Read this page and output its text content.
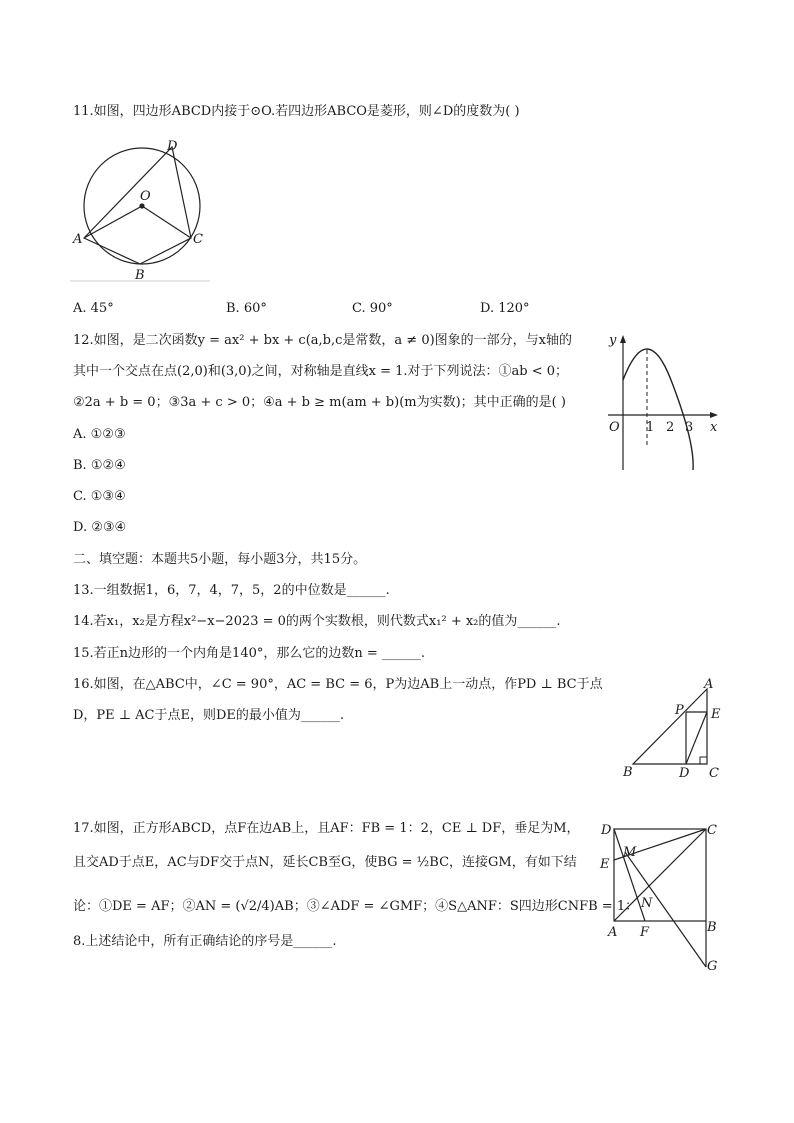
11.如图，四边形ABCD内接于⊙O.若四边形ABCO是菱形，则∠D的度数为( )
D
O
A	C
B
A. 45°	B. 60°	C. 90°	D. 120°
12.如图，是二次函数y = ax² + bx + c(a,b,c是常数，a ≠ 0)图象的一部分，与x轴的
其中一个交点在点(2,0)和(3,0)之间，对称轴是直线x = 1.对于下列说法：①ab < 0；
②2a + b = 0；③3a + c > 0；④a + b ≥ m(am + b)(m为实数)；其中正确的是( )
A. ①②③
B. ①②④
C. ①③④
D. ②③④
y
x
O 1 2 3
二、填空题：本题共5小题，每小题3分，共15分。
13.一组数据1，6，7，4，7，5，2的中位数是______.
14.若x₁，x₂是方程x²−x−2023 = 0的两个实数根，则代数式x₁² + x₂的值为______.
15.若正n边形的一个内角是140°，那么它的边数n = ______.
16.如图，在△ABC中，∠C = 90°，AC = BC = 6，P为边AB上一动点，作PD ⊥ BC于点
D，PE ⊥ AC于点E，则DE的最小值为______.
A
P E
B	D C
17.如图，正方形ABCD，点F在边AB上，且AF：FB = 1：2，CE ⊥ DF，垂足为M，
且交AD于点E，AC与DF交于点N，延长CB至G，使BG = ½BC，连接GM，有如下结
论：①DE = AF；②AN = (√2/4)AB；③∠ADF = ∠GMF；④S△ANF：S四边形CNFB = 1：
8.上述结论中，所有正确结论的序号是______.
D	C
M
E
N
A F	B
G
